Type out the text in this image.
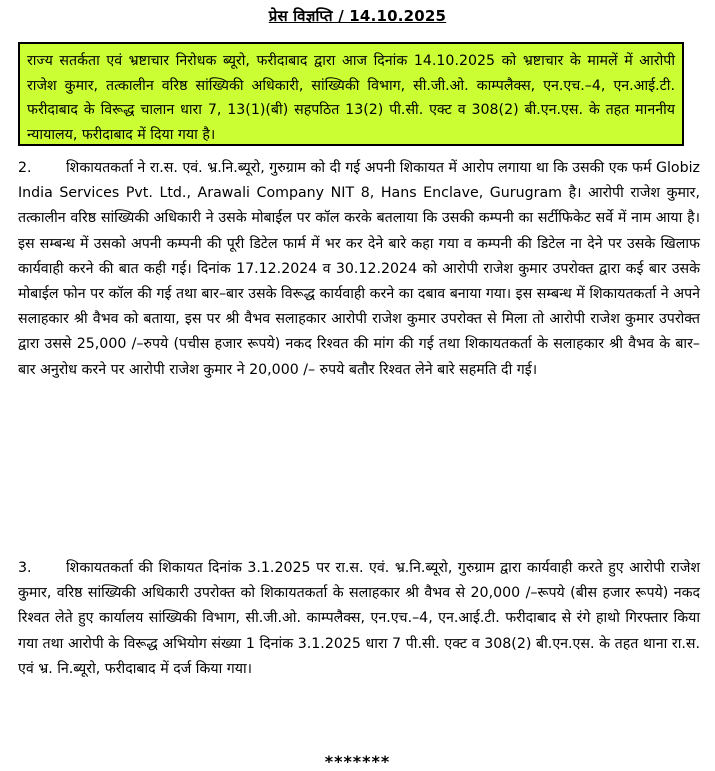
प्रेस विज्ञप्ति / 14.10.2025
राज्य सतर्कता एवं भ्रष्टाचार निरोधक ब्यूरो, फरीदाबाद द्वारा आज दिनांक 14.10.2025 को भ्रष्टाचार के मामलें में आरोपी राजेश कुमार, तत्कालीन वरिष्ठ सांख्यिकी अधिकारी, सांख्यिकी विभाग, सी.जी.ओ. काम्पलैक्स, एन.एच.–4, एन.आई.टी. फरीदाबाद के विरूद्ध चालान धारा 7, 13(1)(बी) सहपठित 13(2) पी.सी. एक्ट व 308(2) बी.एन.एस. के तहत माननीय न्यायालय, फरीदाबाद में दिया गया है।
2. शिकायतकर्ता ने रा.स. एवं. भ्र.नि.ब्यूरो, गुरुग्राम को दी गई अपनी शिकायत में आरोप लगाया था कि उसकी एक फर्म Globiz India Services Pvt. Ltd., Arawali Company NIT 8, Hans Enclave, Gurugram है। आरोपी राजेश कुमार, तत्कालीन वरिष्ठ सांख्यिकी अधिकारी ने उसके मोबाईल पर कॉल करके बतलाया कि उसकी कम्पनी का सर्टीफिकेट सर्वे में नाम आया है। इस सम्बन्ध में उसको अपनी कम्पनी की पूरी डिटेल फार्म में भर कर देने बारे कहा गया व कम्पनी की डिटेल ना देने पर उसके खिलाफ कार्यवाही करने की बात कही गई। दिनांक 17.12.2024 व 30.12.2024 को आरोपी राजेश कुमार उपरोक्त द्वारा कई बार उसके मोबाईल फोन पर कॉल की गई तथा बार–बार उसके विरूद्ध कार्यवाही करने का दबाव बनाया गया। इस सम्बन्ध में शिकायतकर्ता ने अपने सलाहकार श्री वैभव को बताया, इस पर श्री वैभव सलाहकार आरोपी राजेश कुमार उपरोक्त से मिला तो आरोपी राजेश कुमार उपरोक्त द्वारा उससे 25,000 /–रुपये (पचीस हजार रूपये) नकद रिश्वत की मांग की गई तथा शिकायतकर्ता के सलाहकार श्री वैभव के बार–बार अनुरोध करने पर आरोपी राजेश कुमार ने 20,000 /– रुपये बतौर रिश्वत लेने बारे सहमति दी गई।
3. शिकायतकर्ता की शिकायत दिनांक 3.1.2025 पर रा.स. एवं. भ्र.नि.ब्यूरो, गुरुग्राम द्वारा कार्यवाही करते हुए आरोपी राजेश कुमार, वरिष्ठ सांख्यिकी अधिकारी उपरोक्त को शिकायतकर्ता के सलाहकार श्री वैभव से 20,000 /–रूपये (बीस हजार रूपये) नकद रिश्वत लेते हुए कार्यालय सांख्यिकी विभाग, सी.जी.ओ. काम्पलैक्स, एन.एच.–4, एन.आई.टी. फरीदाबाद से रंगे हाथो गिरफ्तार किया गया तथा आरोपी के विरूद्ध अभियोग संख्या 1 दिनांक 3.1.2025 धारा 7 पी.सी. एक्ट व 308(2) बी.एन.एस. के तहत थाना रा.स. एवं भ्र. नि.ब्यूरो, फरीदाबाद में दर्ज किया गया।
*******
